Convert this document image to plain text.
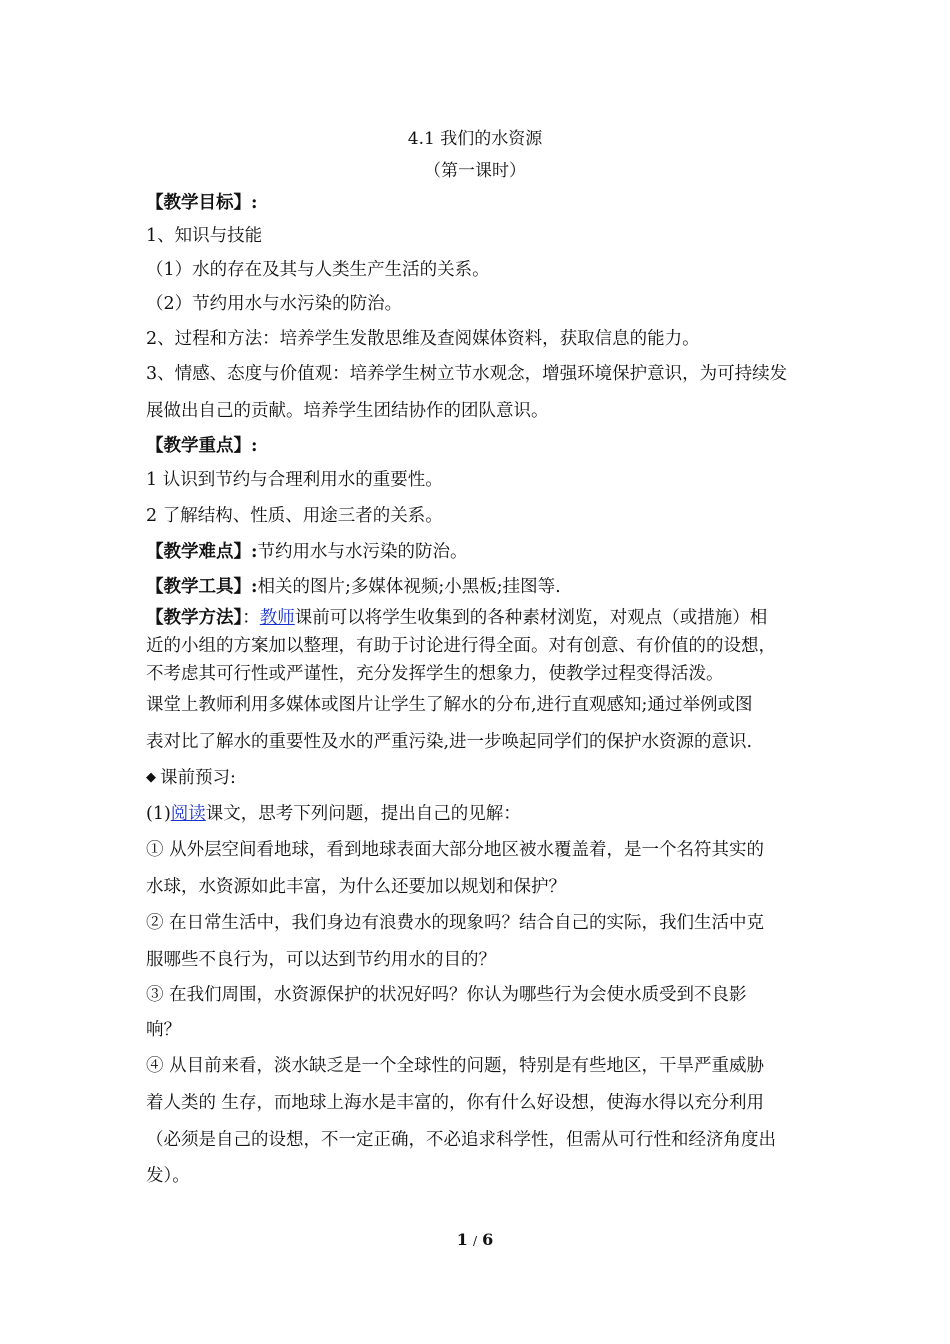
4.1 我们的水资源
（第一课时）
【教学目标】:
1、知识与技能
（1）水的存在及其与人类生产生活的关系。
（2）节约用水与水污染的防治。
2、过程和方法：培养学生发散思维及查阅媒体资料，获取信息的能力。
3、情感、态度与价值观：培养学生树立节水观念，增强环境保护意识，为可持续发
展做出自己的贡献。培养学生团结协作的团队意识。
【教学重点】:
1 认识到节约与合理利用水的重要性。
2 了解结构、性质、用途三者的关系。
【教学难点】:节约用水与水污染的防治。
【教学工具】:相关的图片;多媒体视频;小黑板;挂图等.
【教学方法】：教师课前可以将学生收集到的各种素材浏览，对观点（或措施）相
近的小组的方案加以整理，有助于讨论进行得全面。对有创意、有价值的的设想，
不考虑其可行性或严谨性，充分发挥学生的想象力，使教学过程变得活泼。
课堂上教师利用多媒体或图片让学生了解水的分布,进行直观感知;通过举例或图
表对比了解水的重要性及水的严重污染,进一步唤起同学们的保护水资源的意识.
◆ 课前预习:
(1)阅读课文，思考下列问题，提出自己的见解：
① 从外层空间看地球，看到地球表面大部分地区被水覆盖着，是一个名符其实的
水球，水资源如此丰富，为什么还要加以规划和保护？
② 在日常生活中，我们身边有浪费水的现象吗？结合自己的实际，我们生活中克
服哪些不良行为，可以达到节约用水的目的？
③ 在我们周围，水资源保护的状况好吗？你认为哪些行为会使水质受到不良影
响？
④ 从目前来看，淡水缺乏是一个全球性的问题，特别是有些地区，干旱严重威胁
着人类的 生存，而地球上海水是丰富的，你有什么好设想，使海水得以充分利用
（必须是自己的设想，不一定正确，不必追求科学性，但需从可行性和经济角度出
发）。
1 / 6
